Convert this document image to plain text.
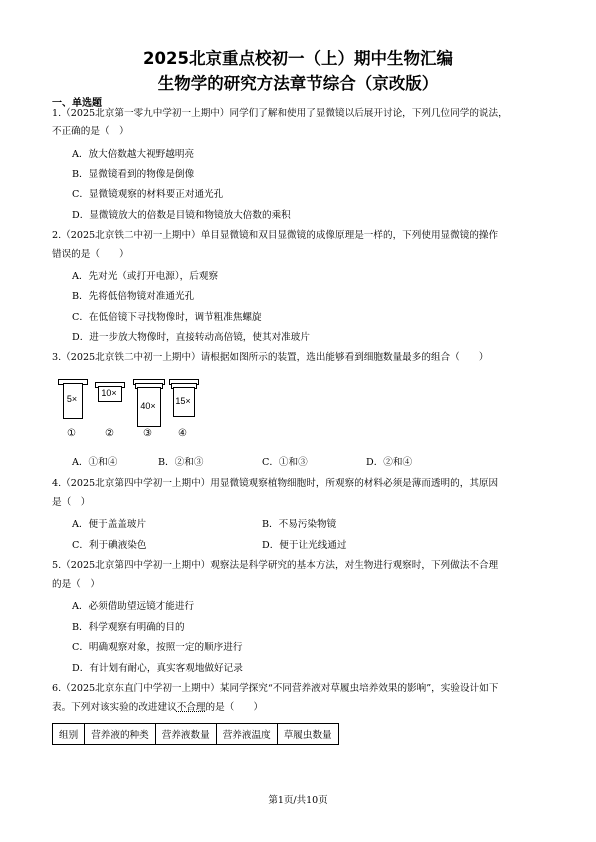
2025北京重点校初一（上）期中生物汇编
生物学的研究方法章节综合（京改版）
一、单选题
1.（2025北京第一零九中学初一上期中）同学们了解和使用了显微镜以后展开讨论，下列几位同学的说法，
不正确的是（　）
A．放大倍数越大视野越明亮
B．显微镜看到的物像是倒像
C．显微镜观察的材料要正对通光孔
D．显微镜放大的倍数是目镜和物镜放大倍数的乘积
2.（2025北京铁二中初一上期中）单目显微镜和双目显微镜的成像原理是一样的，下列使用显微镜的操作
错误的是（　　）
A．先对光（或打开电源），后观察
B．先将低倍物镜对准通光孔
C．在低倍镜下寻找物像时，调节粗准焦螺旋
D．进一步放大物像时，直接转动高倍镜，使其对准玻片
3.（2025北京铁二中初一上期中）请根据如图所示的装置，选出能够看到细胞数量最多的组合（　　）
5×
10×
40×	15×
①	②	③	④
A．①和④	B．②和③	C．①和③	D．②和④
4.（2025北京第四中学初一上期中）用显微镜观察植物细胞时，所观察的材料必须是薄而透明的，其原因
是（　）
A．便于盖盖玻片	B．不易污染物镜
C．利于碘液染色	D．便于让光线通过
5.（2025北京第四中学初一上期中）观察法是科学研究的基本方法，对生物进行观察时，下列做法不合理
的是（　）
A．必须借助望远镜才能进行
B．科学观察有明确的目的
C．明确观察对象，按照一定的顺序进行
D．有计划有耐心，真实客观地做好记录
6.（2025北京东直门中学初一上期中）某同学探究“不同营养液对草履虫培养效果的影响”，实验设计如下
表。下列对该实验的改进建议不合理的是（　　）
组别	营养液的种类	营养液数量	营养液温度	草履虫数量
第1页/共10页
